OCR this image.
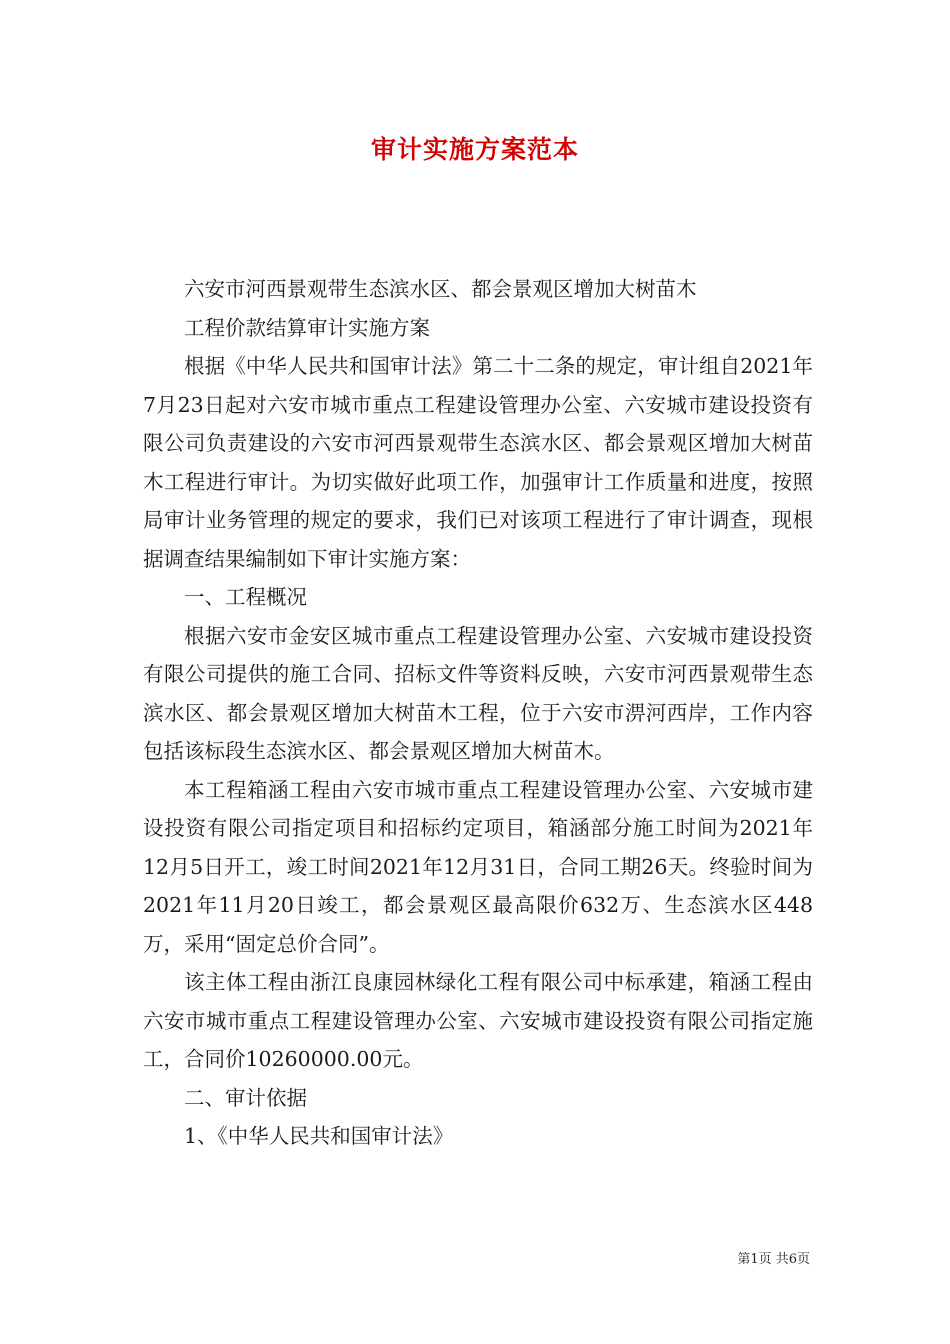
审计实施方案范本

六安市河西景观带生态滨水区、都会景观区增加大树苗木

工程价款结算审计实施方案

根据《中华人民共和国审计法》第二十二条的规定，审计组自2021年7月23日起对六安市城市重点工程建设管理办公室、六安城市建设投资有限公司负责建设的六安市河西景观带生态滨水区、都会景观区增加大树苗木工程进行审计。为切实做好此项工作，加强审计工作质量和进度，按照局审计业务管理的规定的要求，我们已对该项工程进行了审计调查，现根据调查结果编制如下审计实施方案：

一、工程概况

根据六安市金安区城市重点工程建设管理办公室、六安城市建设投资有限公司提供的施工合同、招标文件等资料反映，六安市河西景观带生态滨水区、都会景观区增加大树苗木工程，位于六安市淠河西岸，工作内容包括该标段生态滨水区、都会景观区增加大树苗木。

本工程箱涵工程由六安市城市重点工程建设管理办公室、六安城市建设投资有限公司指定项目和招标约定项目，箱涵部分施工时间为2021年12月5日开工，竣工时间2021年12月31日，合同工期26天。终验时间为2021年11月20日竣工，都会景观区最高限价632万、生态滨水区448万，采用“固定总价合同”。

该主体工程由浙江良康园林绿化工程有限公司中标承建，箱涵工程由六安市城市重点工程建设管理办公室、六安城市建设投资有限公司指定施工，合同价10260000.00元。

二、审计依据

1、《中华人民共和国审计法》

第1页 共6页
